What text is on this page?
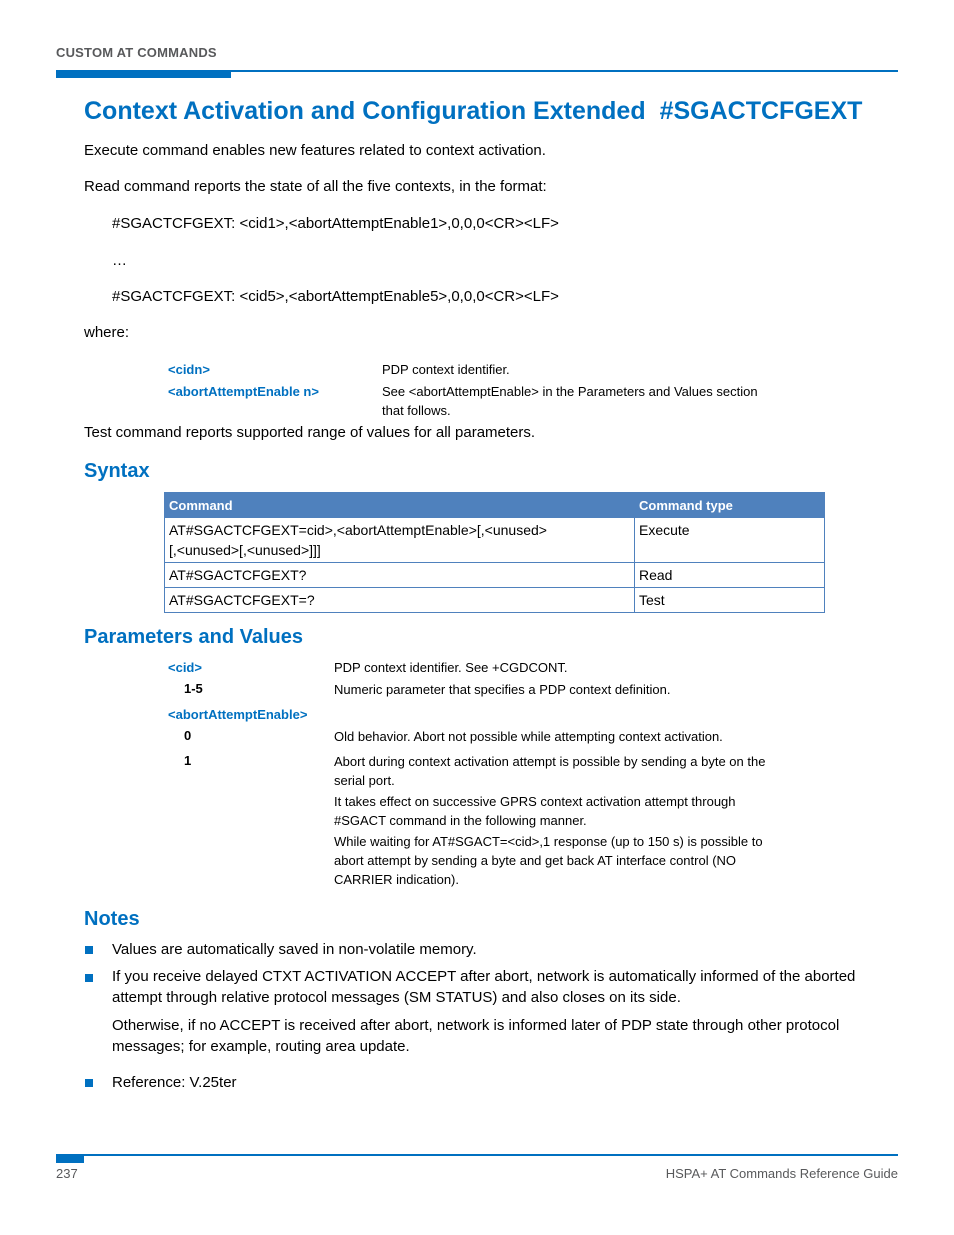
CUSTOM AT COMMANDS
Context Activation and Configuration Extended #SGACTCFGEXT
Execute command enables new features related to context activation.
Read command reports the state of all the five contexts, in the format:
#SGACTCFGEXT: <cid1>,<abortAttemptEnable1>,0,0,0<CR><LF>
…
#SGACTCFGEXT: <cid5>,<abortAttemptEnable5>,0,0,0<CR><LF>
where:
<cidn>	PDP context identifier.
<abortAttemptEnable n>	See <abortAttemptEnable> in the Parameters and Values section
that follows.
Test command reports supported range of values for all parameters.
Syntax
Command	Command type

AT#SGACTCFGEXT=cid>,<abortAttemptEnable>[,<unused>
[,<unused>[,<unused>]]]	Execute
AT#SGACTCFGEXT?	Read
AT#SGACTCFGEXT=?	Test
Parameters and Values
<cid>	PDP context identifier. See +CGDCONT.
1-5	Numeric parameter that specifies a PDP context definition.
<abortAttemptEnable>
0	Old behavior. Abort not possible while attempting context activation.
1	Abort during context activation attempt is possible by sending a byte on the
serial port.
It takes effect on successive GPRS context activation attempt through
#SGACT command in the following manner.
While waiting for AT#SGACT=<cid>,1 response (up to 150 s) is possible to
abort attempt by sending a byte and get back AT interface control (NO
CARRIER indication).
Notes
Values are automatically saved in non-volatile memory.
If you receive delayed CTXT ACTIVATION ACCEPT after abort, network is automatically informed of the aborted attempt through relative protocol messages (SM STATUS) and also closes on its side.
Otherwise, if no ACCEPT is received after abort, network is informed later of PDP state through other protocol messages; for example, routing area update.
Reference: V.25ter
237	HSPA+ AT Commands Reference Guide
